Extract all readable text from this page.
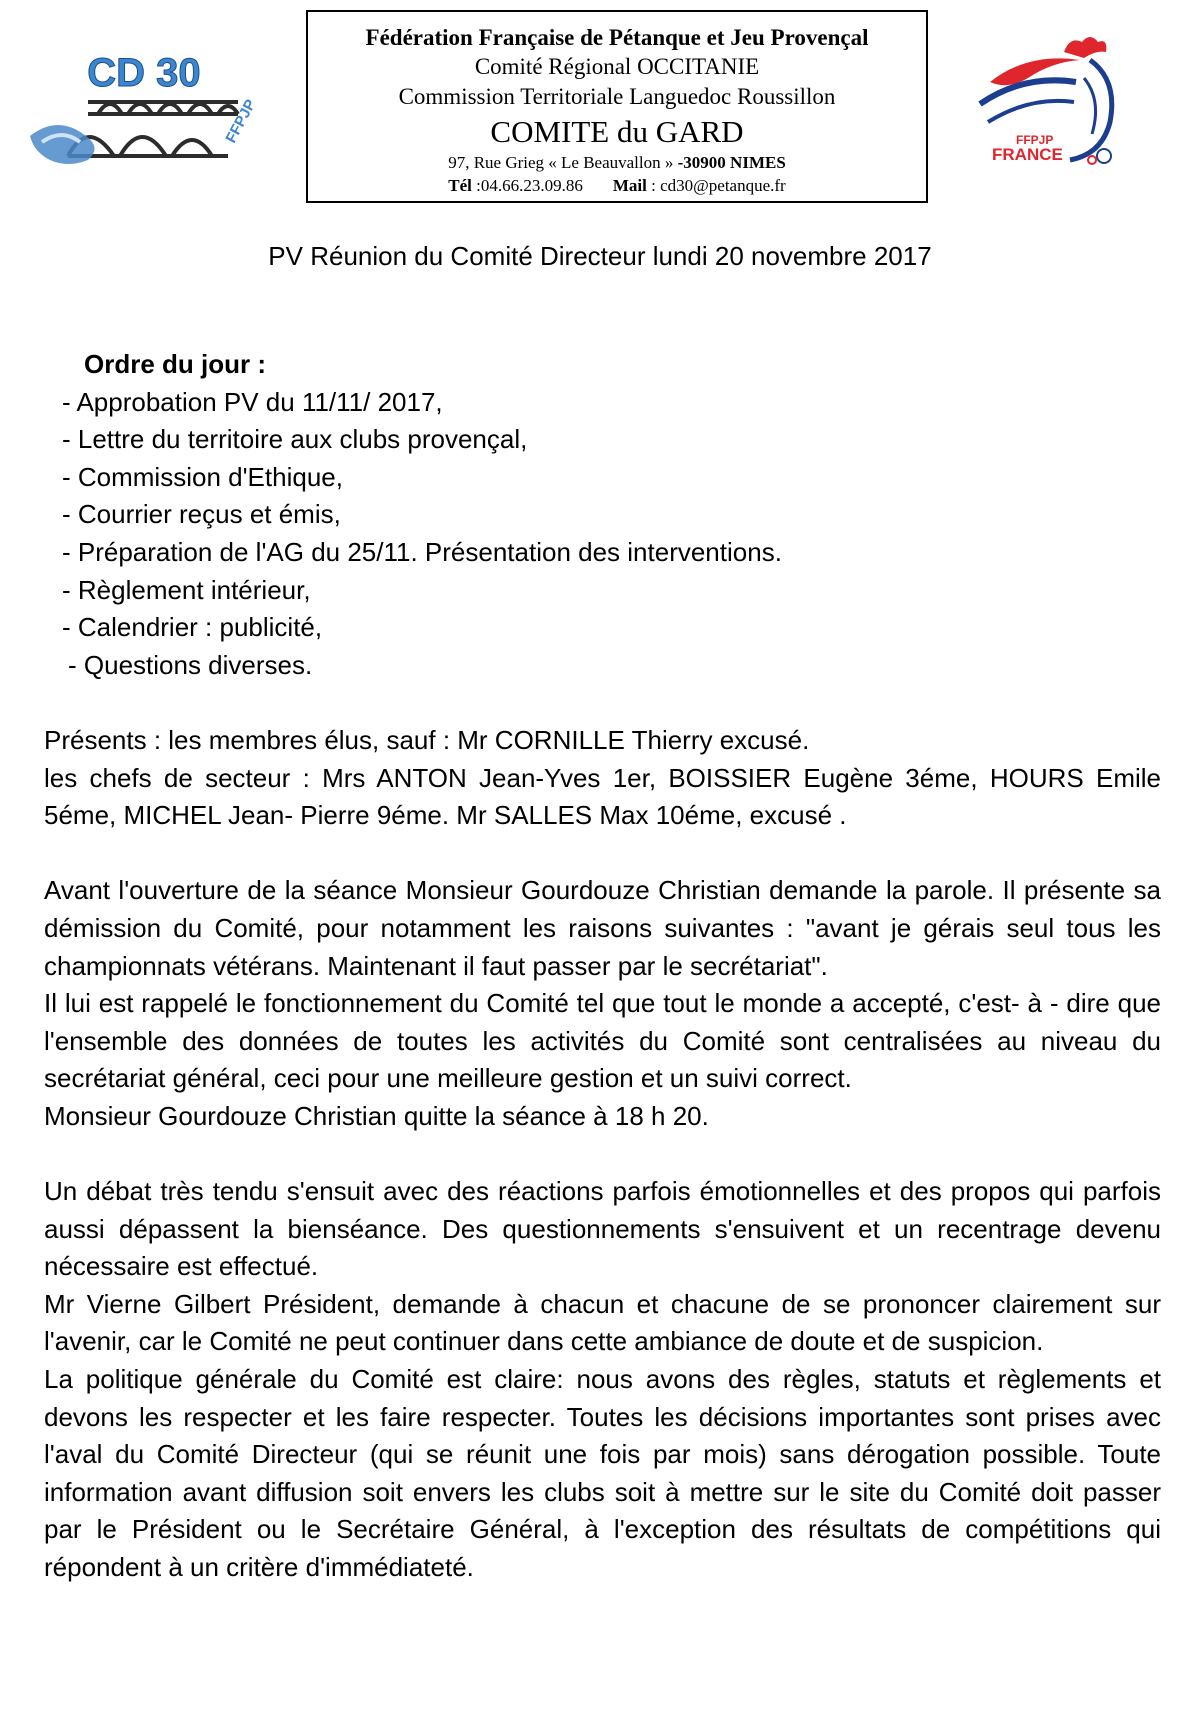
CD 30
FFPJP
Fédération Française de Pétanque et Jeu Provençal
Comité Régional OCCITANIE
Commission Territoriale Languedoc Roussillon
COMITE du GARD
97, Rue Grieg « Le Beauvallon » -30900 NIMES
Tél :04.66.23.09.86 Mail : cd30@petanque.fr
FFPJP
FRANCE
PV Réunion du Comité Directeur lundi 20 novembre 2017
Ordre du jour :
- Approbation PV du 11/11/ 2017,
- Lettre du territoire aux clubs provençal,
- Commission d'Ethique,
- Courrier reçus et émis,
- Préparation de l'AG du 25/11. Présentation des interventions.
- Règlement intérieur,
- Calendrier : publicité,
- Questions diverses.

Présents : les membres élus, sauf : Mr CORNILLE Thierry excusé.

les chefs de secteur : Mrs ANTON Jean-Yves 1er, BOISSIER Eugène 3éme, HOURS Emile 5éme, MICHEL Jean- Pierre 9éme. Mr SALLES Max 10éme, excusé .

Avant l'ouverture de la séance Monsieur Gourdouze Christian demande la parole. Il présente sa démission du Comité, pour notamment les raisons suivantes : "avant je gérais seul tous les championnats vétérans. Maintenant il faut passer par le secrétariat".

Il lui est rappelé le fonctionnement du Comité tel que tout le monde a accepté, c'est- à - dire que l'ensemble des données de toutes les activités du Comité sont centralisées au niveau du secrétariat général, ceci pour une meilleure gestion et un suivi correct.

Monsieur Gourdouze Christian quitte la séance à 18 h 20.

Un débat très tendu s'ensuit avec des réactions parfois émotionnelles et des propos qui parfois aussi dépassent la bienséance. Des questionnements s'ensuivent et un recentrage devenu nécessaire est effectué.

Mr Vierne Gilbert Président, demande à chacun et chacune de se prononcer clairement sur l'avenir, car le Comité ne peut continuer dans cette ambiance de doute et de suspicion.

La politique générale du Comité est claire: nous avons des règles, statuts et règlements et devons les respecter et les faire respecter. Toutes les décisions importantes sont prises avec l'aval du Comité Directeur (qui se réunit une fois par mois) sans dérogation possible. Toute information avant diffusion soit envers les clubs soit à mettre sur le site du Comité doit passer par le Président ou le Secrétaire Général, à l'exception des résultats de compétitions qui répondent à un critère d'immédiateté.
